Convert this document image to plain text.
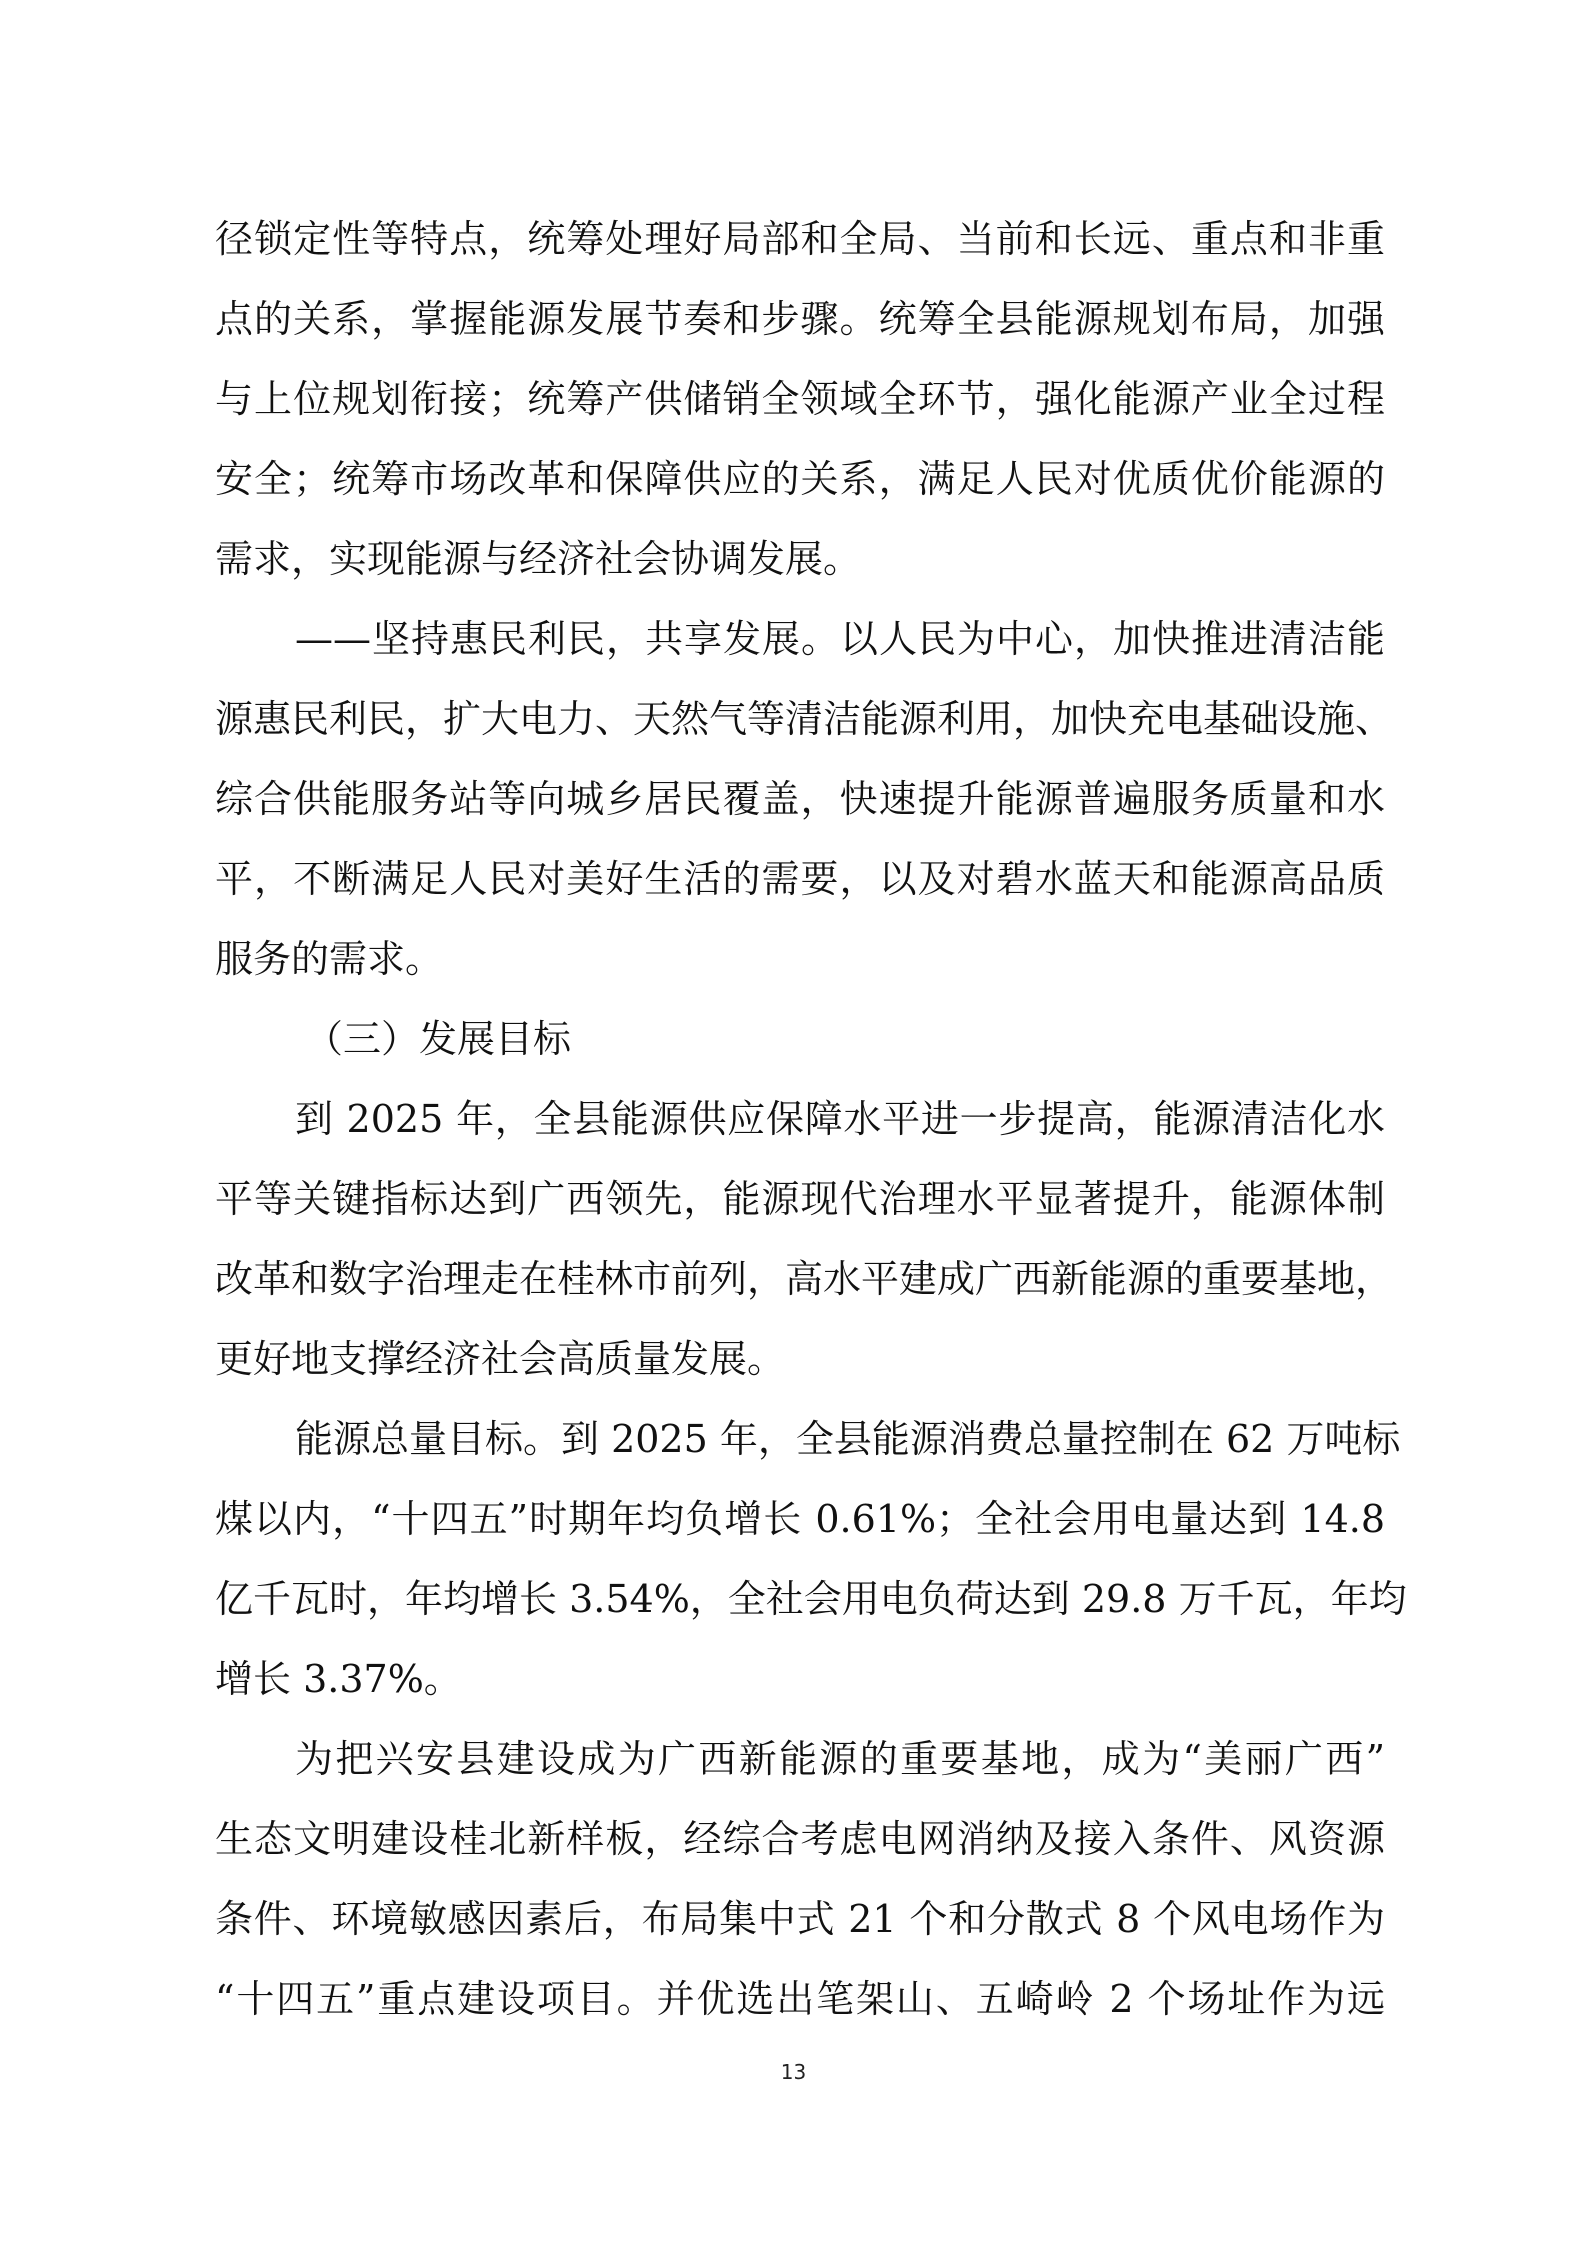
径锁定性等特点，统筹处理好局部和全局、当前和长远、重点和非重
点的关系，掌握能源发展节奏和步骤。统筹全县能源规划布局，加强
与上位规划衔接；统筹产供储销全领域全环节，强化能源产业全过程
安全；统筹市场改革和保障供应的关系，满足人民对优质优价能源的
需求，实现能源与经济社会协调发展。
——坚持惠民利民，共享发展。以人民为中心，加快推进清洁能
源惠民利民，扩大电力、天然气等清洁能源利用，加快充电基础设施、
综合供能服务站等向城乡居民覆盖，快速提升能源普遍服务质量和水
平，不断满足人民对美好生活的需要，以及对碧水蓝天和能源高品质
服务的需求。
（三）发展目标
到 2025 年，全县能源供应保障水平进一步提高，能源清洁化水
平等关键指标达到广西领先，能源现代治理水平显著提升，能源体制
改革和数字治理走在桂林市前列，高水平建成广西新能源的重要基地，
更好地支撑经济社会高质量发展。
能源总量目标。到 2025 年，全县能源消费总量控制在 62 万吨标
煤以内，“十四五”时期年均负增长 0.61%；全社会用电量达到 14.8
亿千瓦时，年均增长 3.54%，全社会用电负荷达到 29.8 万千瓦，年均
增长 3.37%。
为把兴安县建设成为广西新能源的重要基地，成为“美丽广西”
生态文明建设桂北新样板，经综合考虑电网消纳及接入条件、风资源
条件、环境敏感因素后，布局集中式 21 个和分散式 8 个风电场作为
“十四五”重点建设项目。并优选出笔架山、五崎岭 2 个场址作为远
13
